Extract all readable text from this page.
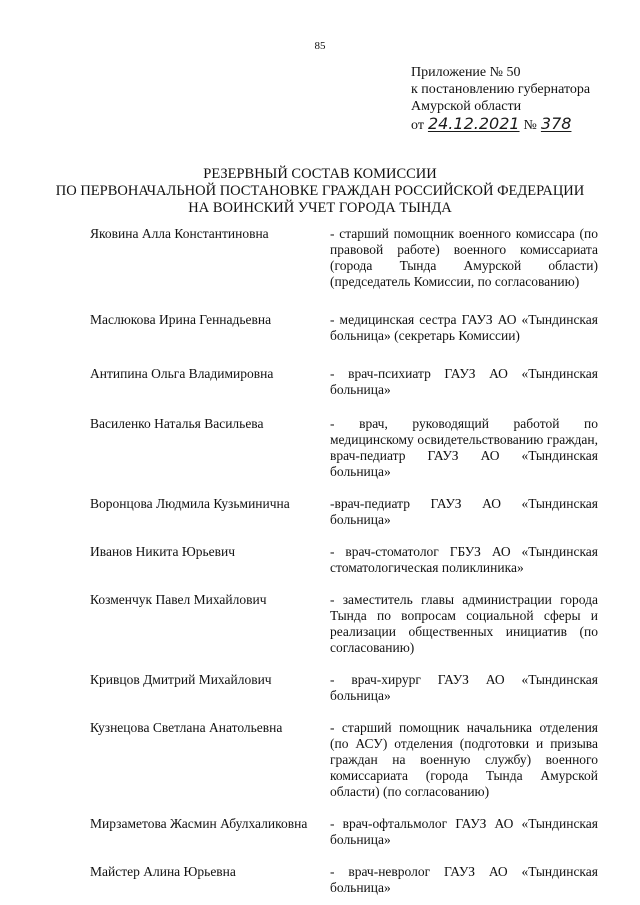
85
Приложение № 50
к постановлению губернатора
Амурской области
от 24.12.2021 № 378
РЕЗЕРВНЫЙ СОСТАВ КОМИССИИ
ПО ПЕРВОНАЧАЛЬНОЙ ПОСТАНОВКЕ ГРАЖДАН РОССИЙСКОЙ ФЕДЕРАЦИИ
НА ВОИНСКИЙ УЧЕТ ГОРОДА ТЫНДА
Яковина Алла Константиновна	- старший помощник военного комиссара (по правовой работе) военного комиссариата (города Тында Амурской области) (председатель Комиссии, по согласованию)
Маслюкова Ирина Геннадьевна	- медицинская сестра ГАУЗ АО «Тындинская больница» (секретарь Комиссии)
Антипина Ольга Владимировна	- врач-психиатр ГАУЗ АО «Тындинская больница»
Василенко Наталья Васильева	- врач, руководящий работой по медицинскому освидетельствованию граждан, врач-педиатр ГАУЗ АО «Тындинская больница»
Воронцова Людмила Кузьминична	-врач-педиатр ГАУЗ АО «Тындинская больница»
Иванов Никита Юрьевич	- врач-стоматолог ГБУЗ АО «Тындинская стоматологическая поликлиника»
Козменчук Павел Михайлович	- заместитель главы администрации города Тында по вопросам социальной сферы и реализации общественных инициатив (по согласованию)
Кривцов Дмитрий Михайлович	- врач-хирург ГАУЗ АО «Тындинская больница»
Кузнецова Светлана Анатольевна	- старший помощник начальника отделения (по АСУ) отделения (подготовки и призыва граждан на военную службу) военного комиссариата (города Тында Амурской области) (по согласованию)
Мирзаметова Жасмин Абулхаликовна	- врач-офтальмолог ГАУЗ АО «Тындинская больница»
Майстер Алина Юрьевна	- врач-невролог ГАУЗ АО «Тындинская больница»
